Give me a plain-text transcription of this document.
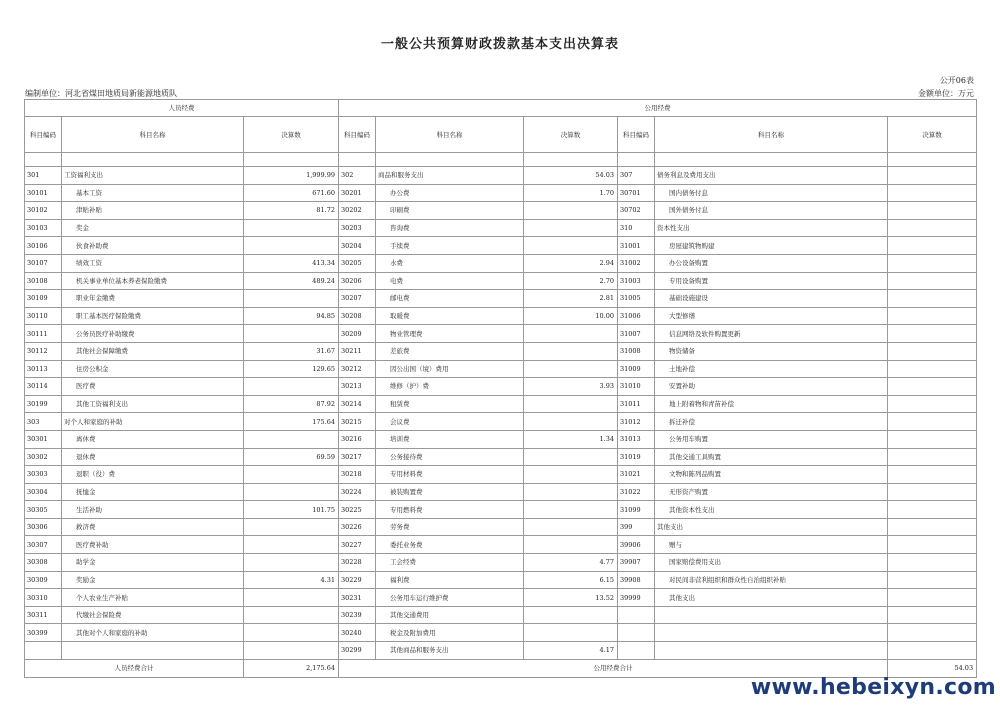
一般公共预算财政拨款基本支出决算表
公开06表
编制单位：河北省煤田地质局新能源地质队	金额单位：万元
人员经费			公用经费					
科目编码	科目名称	决算数	科目编码	科目名称	决算数	科目编码	科目名称	决算数

301	工资福利支出	1,999.99	302	商品和服务支出	54.03	307	债务利息及费用支出	
30101	基本工资	671.60	30201	办公费	1.70	30701	国内债务付息	
30102	津贴补贴	81.72	30202	印刷费		30702	国外债务付息	
30103	奖金		30203	咨询费		310	资本性支出	
30106	伙食补助费		30204	手续费		31001	房屋建筑物购建	
30107	绩效工资	413.34	30205	水费	2.94	31002	办公设备购置	
30108	机关事业单位基本养老保险缴费	489.24	30206	电费	2.70	31003	专用设备购置	
30109	职业年金缴费		30207	邮电费	2.81	31005	基础设施建设	
30110	职工基本医疗保险缴费	94.85	30208	取暖费	10.00	31006	大型修缮	
30111	公务员医疗补助缴费		30209	物业管理费		31007	信息网络及软件购置更新	
30112	其他社会保障缴费	31.67	30211	差旅费		31008	物资储备	
30113	住房公积金	129.65	30212	因公出国（境）费用		31009	土地补偿	
30114	医疗费		30213	维修（护）费	3.93	31010	安置补助	
30199	其他工资福利支出	87.92	30214	租赁费		31011	地上附着物和青苗补偿	
303	对个人和家庭的补助	175.64	30215	会议费		31012	拆迁补偿	
30301	离休费		30216	培训费	1.34	31013	公务用车购置	
30302	退休费	69.59	30217	公务接待费		31019	其他交通工具购置	
30303	退职（役）费		30218	专用材料费		31021	文物和陈列品购置	
30304	抚恤金		30224	被装购置费		31022	无形资产购置	
30305	生活补助	101.75	30225	专用燃料费		31099	其他资本性支出	
30306	救济费		30226	劳务费		399	其他支出	
30307	医疗费补助		30227	委托业务费		39906	赠与	
30308	助学金		30228	工会经费	4.77	39907	国家赔偿费用支出	
30309	奖励金	4.31	30229	福利费	6.15	39908	对民间非营利组织和群众性自治组织补贴	
30310	个人农业生产补贴		30231	公务用车运行维护费	13.52	39999	其他支出	
30311	代缴社会保险费		30239	其他交通费用				
30399	其他对个人和家庭的补助		30240	税金及附加费用				
			30299	其他商品和服务支出	4.17			
人员经费合计		2,175.64	公用经费合计					54.03
www.hebeixyn.com
